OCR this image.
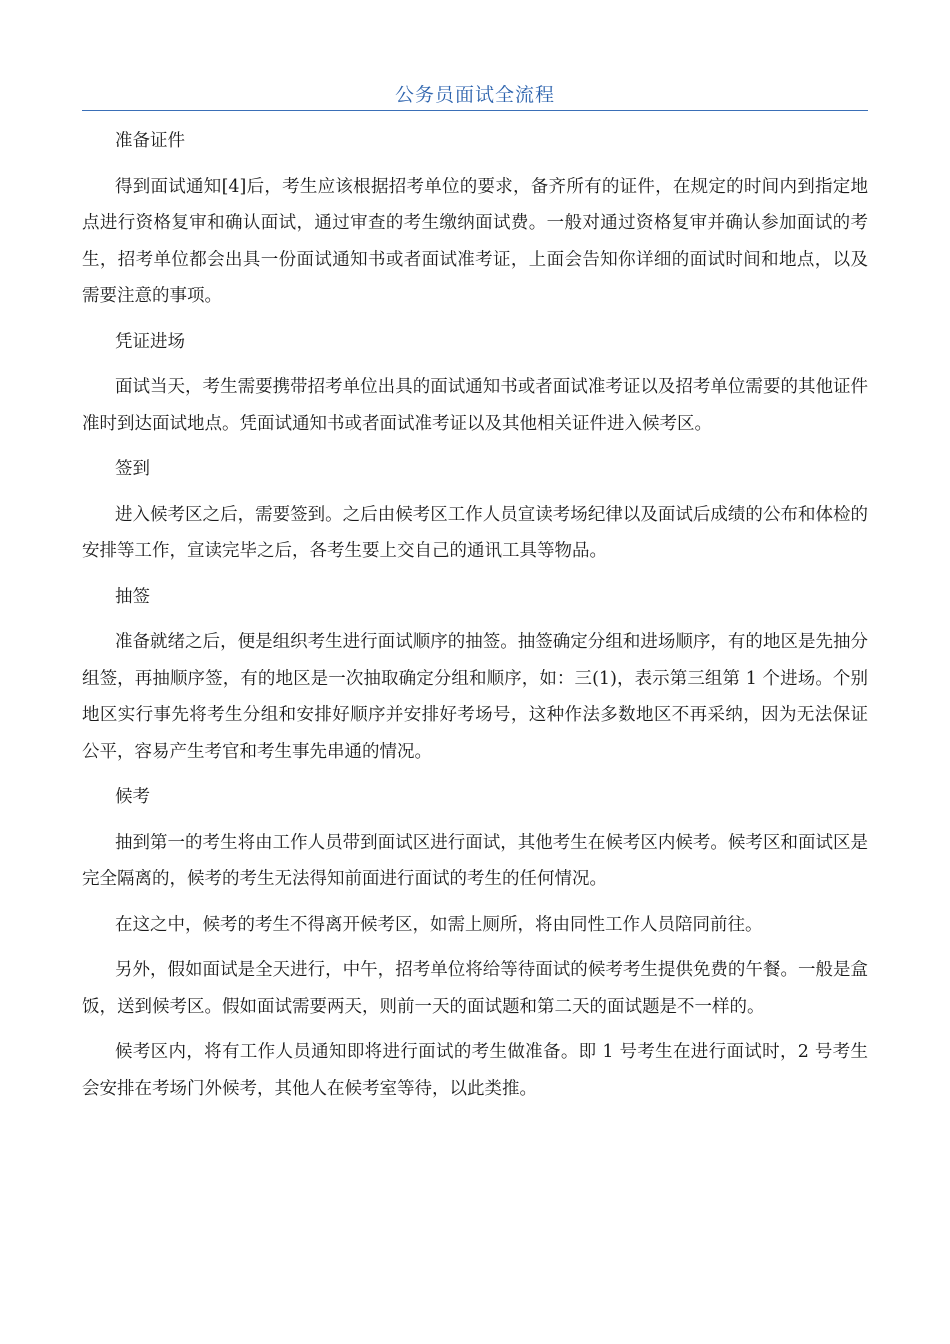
公务员面试全流程

准备证件

得到面试通知[4]后，考生应该根据招考单位的要求，备齐所有的证件，在规定的时间内到指定地点进行资格复审和确认面试，通过审查的考生缴纳面试费。一般对通过资格复审并确认参加面试的考生，招考单位都会出具一份面试通知书或者面试准考证，上面会告知你详细的面试时间和地点，以及需要注意的事项。

凭证进场

面试当天，考生需要携带招考单位出具的面试通知书或者面试准考证以及招考单位需要的其他证件准时到达面试地点。凭面试通知书或者面试准考证以及其他相关证件进入候考区。

签到

进入候考区之后，需要签到。之后由候考区工作人员宣读考场纪律以及面试后成绩的公布和体检的安排等工作，宣读完毕之后，各考生要上交自己的通讯工具等物品。

抽签

准备就绪之后，便是组织考生进行面试顺序的抽签。抽签确定分组和进场顺序，有的地区是先抽分组签，再抽顺序签，有的地区是一次抽取确定分组和顺序，如：三(1)，表示第三组第 1 个进场。个别地区实行事先将考生分组和安排好顺序并安排好考场号，这种作法多数地区不再采纳，因为无法保证公平，容易产生考官和考生事先串通的情况。

候考

抽到第一的考生将由工作人员带到面试区进行面试，其他考生在候考区内候考。候考区和面试区是完全隔离的，候考的考生无法得知前面进行面试的考生的任何情况。

在这之中，候考的考生不得离开候考区，如需上厕所，将由同性工作人员陪同前往。

另外，假如面试是全天进行，中午，招考单位将给等待面试的候考考生提供免费的午餐。一般是盒饭，送到候考区。假如面试需要两天，则前一天的面试题和第二天的面试题是不一样的。

候考区内，将有工作人员通知即将进行面试的考生做准备。即 1 号考生在进行面试时，2 号考生会安排在考场门外候考，其他人在候考室等待，以此类推。
